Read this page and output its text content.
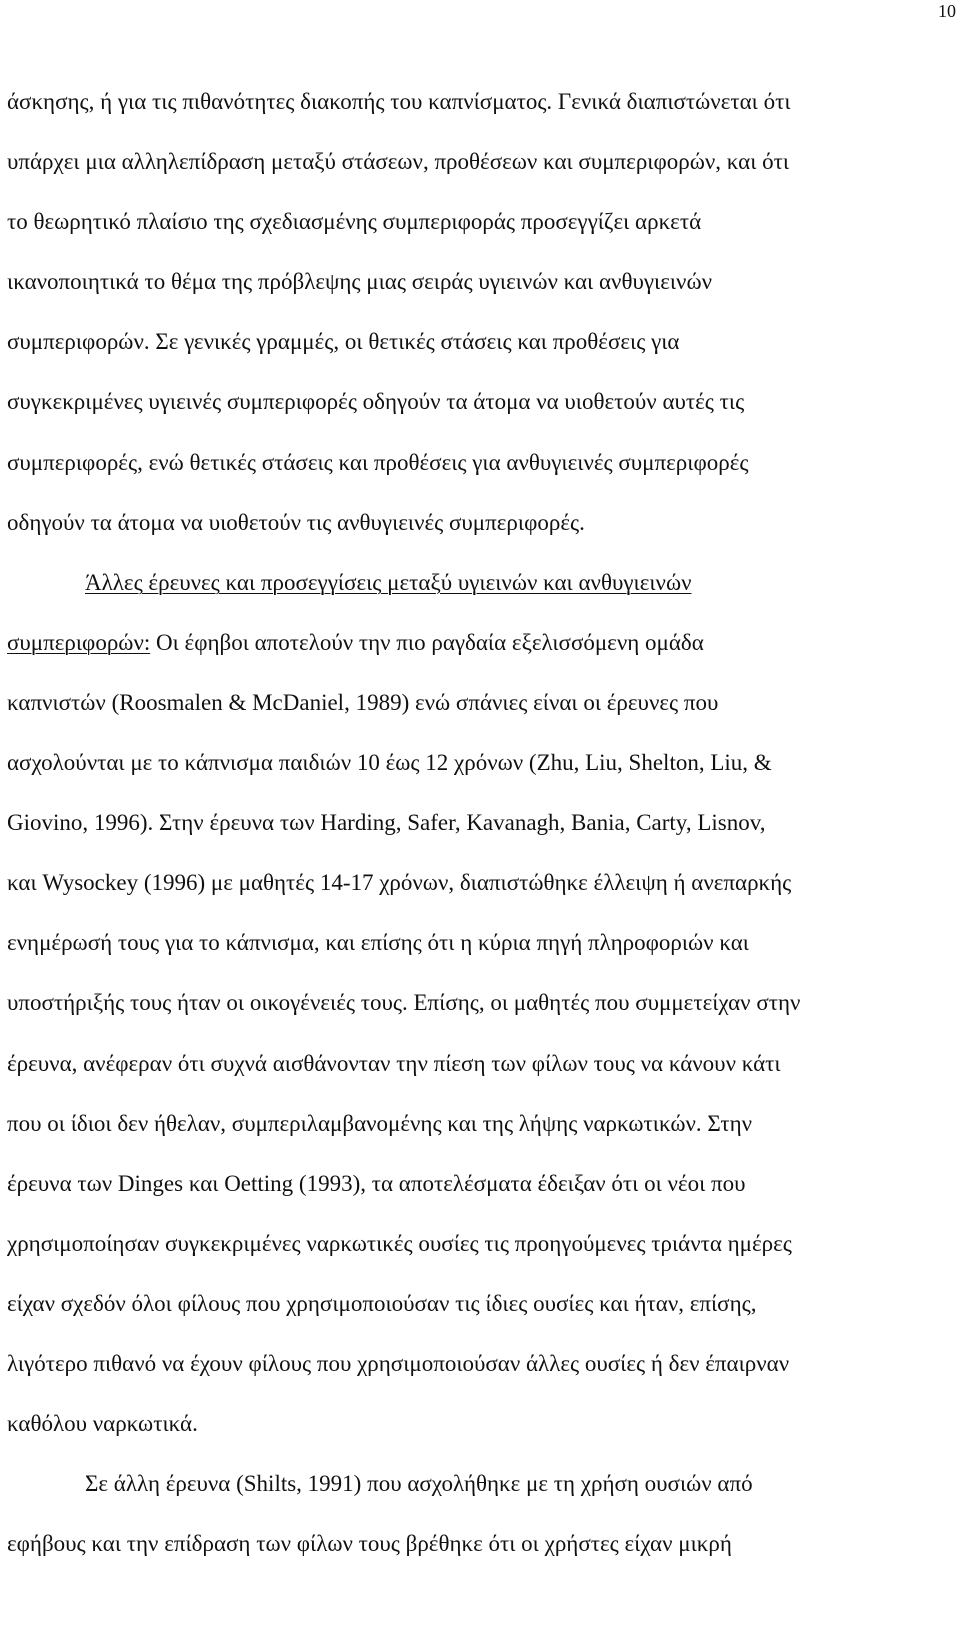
10
άσκησης, ή για τις πιθανότητες διακοπής του καπνίσματος. Γενικά διαπιστώνεται ότι
υπάρχει μια αλληλεπίδραση μεταξύ στάσεων, προθέσεων και συμπεριφορών, και ότι
το θεωρητικό πλαίσιο της σχεδιασμένης συμπεριφοράς προσεγγίζει αρκετά
ικανοποιητικά το θέμα της πρόβλεψης μιας σειράς υγιεινών και ανθυγιεινών
συμπεριφορών. Σε γενικές γραμμές, οι θετικές στάσεις και προθέσεις για
συγκεκριμένες υγιεινές συμπεριφορές οδηγούν τα άτομα να υιοθετούν αυτές τις
συμπεριφορές, ενώ θετικές στάσεις και προθέσεις για ανθυγιεινές συμπεριφορές
οδηγούν τα άτομα να υιοθετούν τις ανθυγιεινές συμπεριφορές.
Άλλες έρευνες και προσεγγίσεις μεταξύ υγιεινών και ανθυγιεινών
συμπεριφορών: Οι έφηβοι αποτελούν την πιο ραγδαία εξελισσόμενη ομάδα
καπνιστών (Roosmalen & McDaniel, 1989) ενώ σπάνιες είναι οι έρευνες που
ασχολούνται με το κάπνισμα παιδιών 10 έως 12 χρόνων (Zhu, Liu, Shelton, Liu, &
Giovino, 1996). Στην έρευνα των Harding, Safer, Kavanagh, Bania, Carty, Lisnov,
και Wysockey (1996) με μαθητές 14-17 χρόνων, διαπιστώθηκε έλλειψη ή ανεπαρκής
ενημέρωσή τους για το κάπνισμα, και επίσης ότι η κύρια πηγή πληροφοριών και
υποστήριξής τους ήταν οι οικογένειές τους. Επίσης, οι μαθητές που συμμετείχαν στην
έρευνα, ανέφεραν ότι συχνά αισθάνονταν την πίεση των φίλων τους να κάνουν κάτι
που οι ίδιοι δεν ήθελαν, συμπεριλαμβανομένης και της λήψης ναρκωτικών. Στην
έρευνα των Dinges και Oetting (1993), τα αποτελέσματα έδειξαν ότι οι νέοι που
χρησιμοποίησαν συγκεκριμένες ναρκωτικές ουσίες τις προηγούμενες τριάντα ημέρες
είχαν σχεδόν όλοι φίλους που χρησιμοποιούσαν τις ίδιες ουσίες και ήταν, επίσης,
λιγότερο πιθανό να έχουν φίλους που χρησιμοποιούσαν άλλες ουσίες ή δεν έπαιρναν
καθόλου ναρκωτικά.
Σε άλλη έρευνα (Shilts, 1991) που ασχολήθηκε με τη χρήση ουσιών από
εφήβους και την επίδραση των φίλων τους βρέθηκε ότι οι χρήστες είχαν μικρή
